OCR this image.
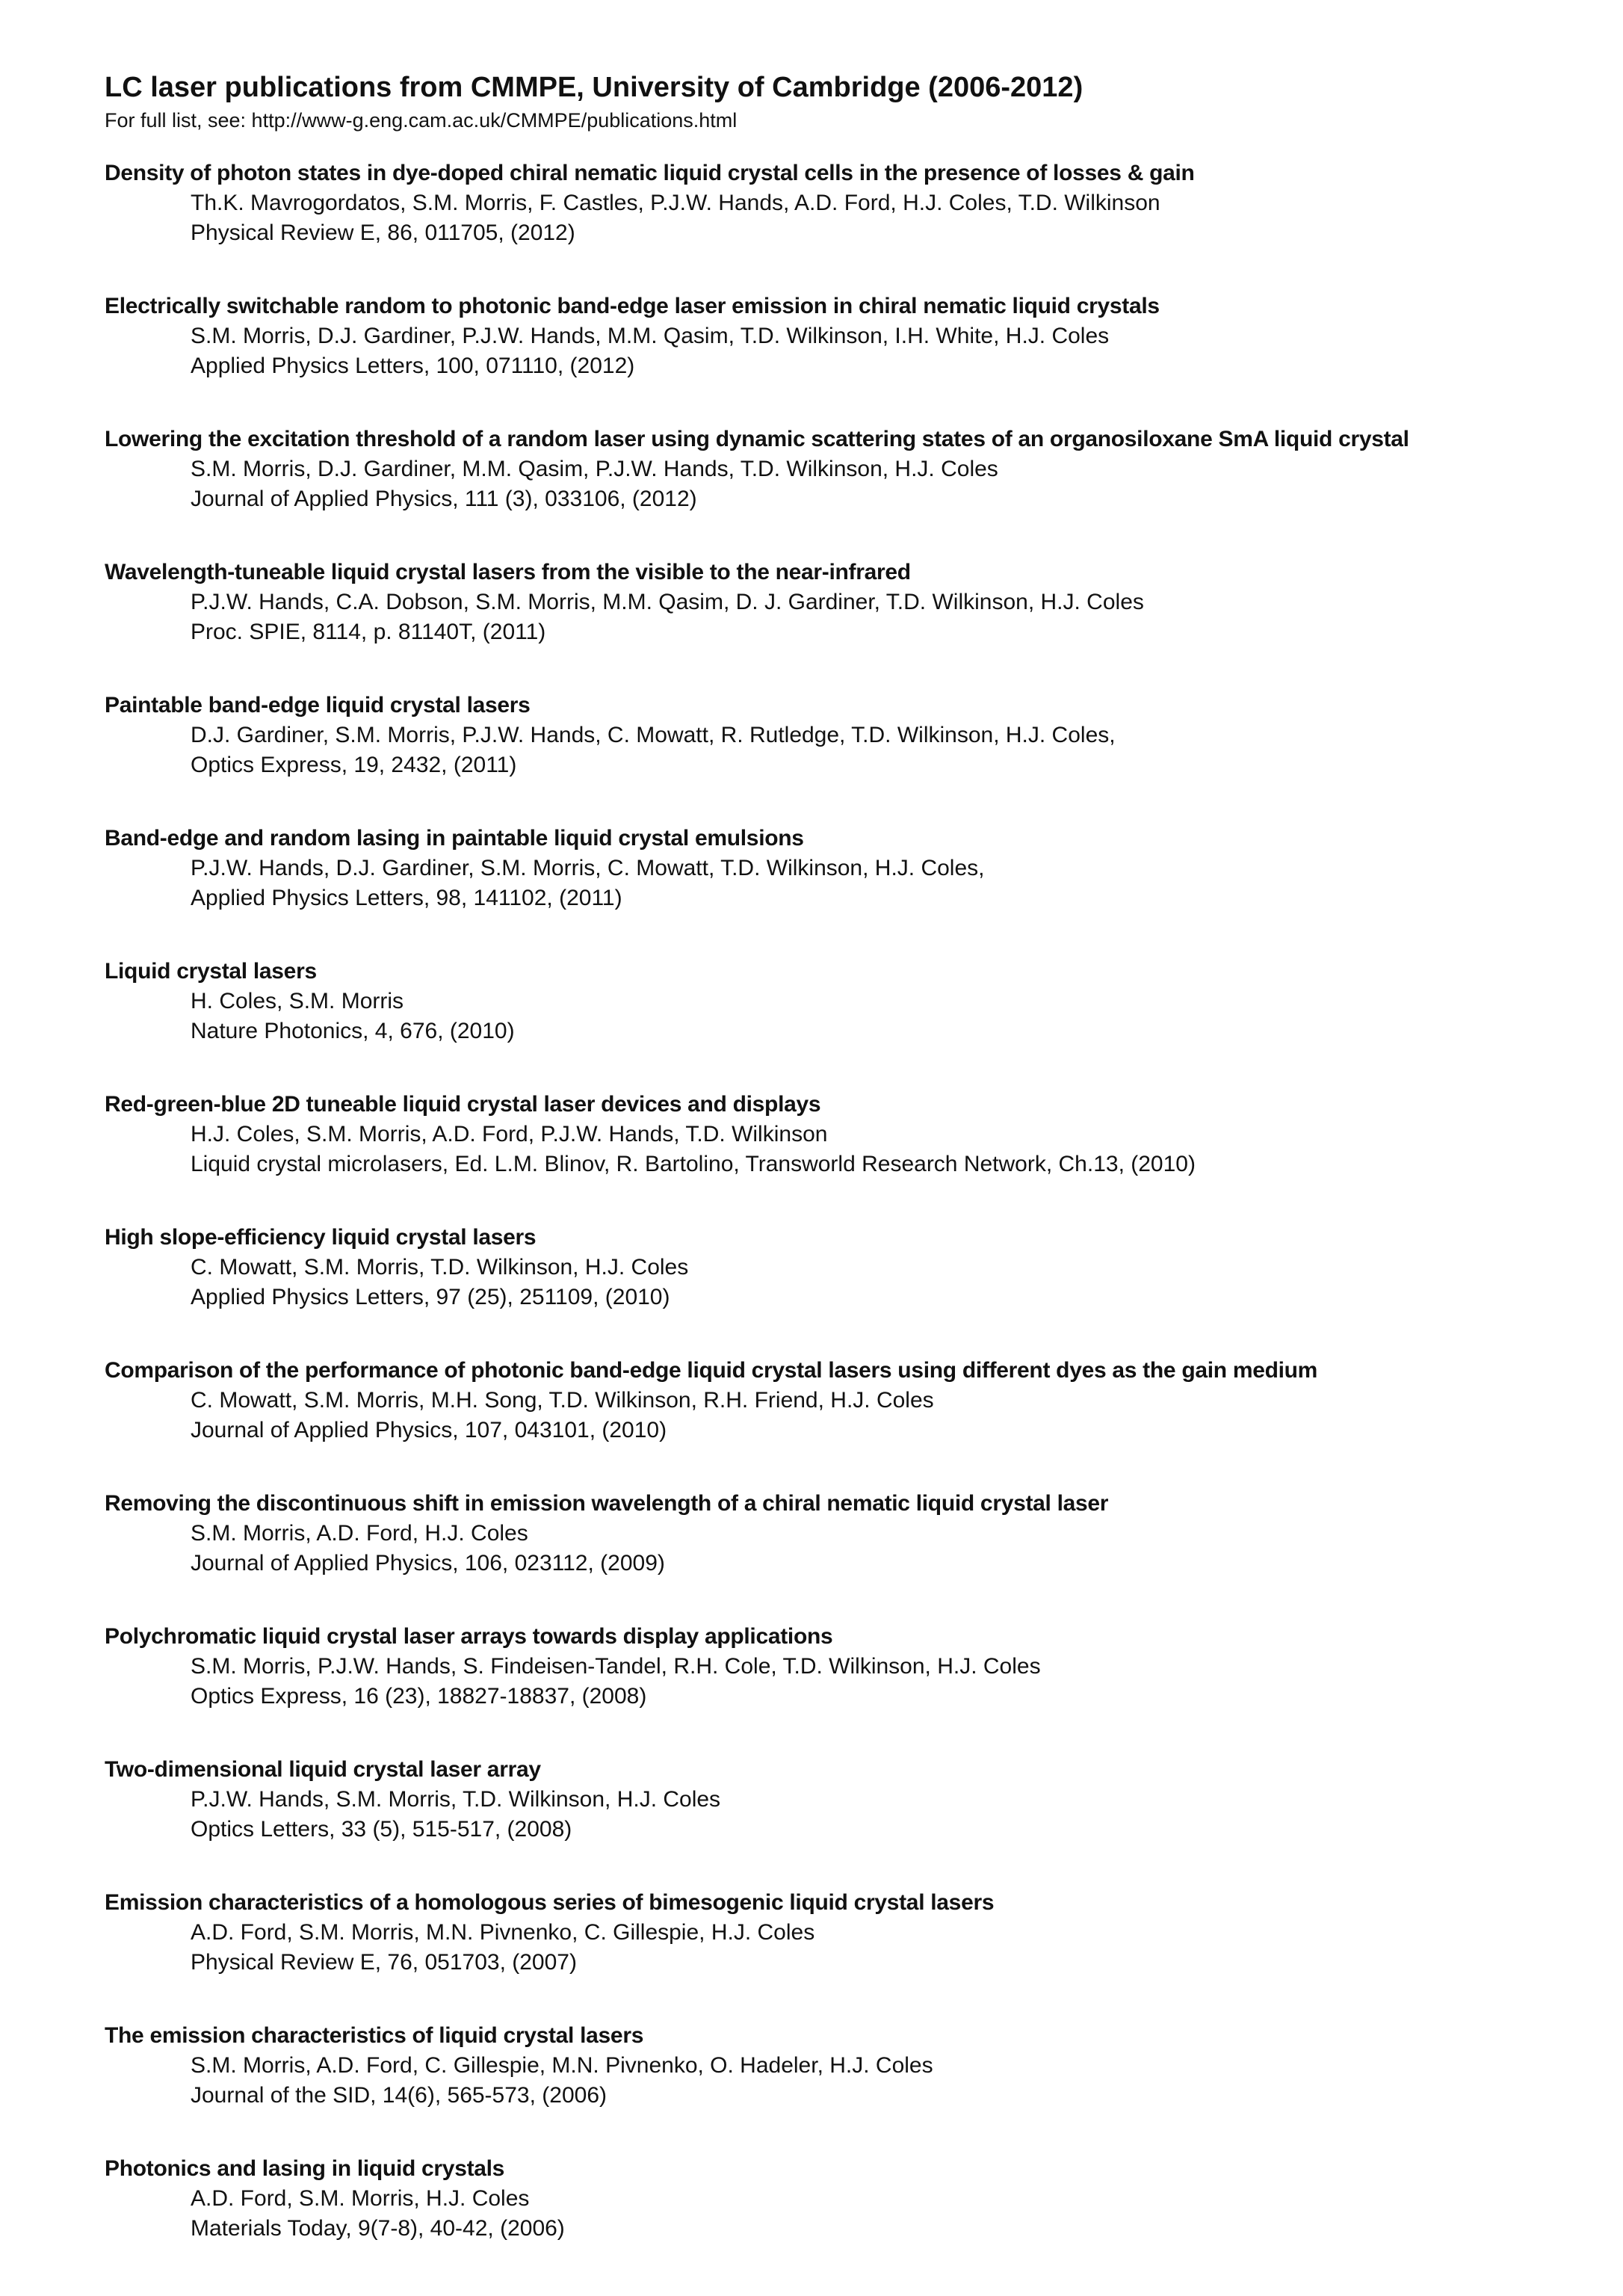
LC laser publications from CMMPE, University of Cambridge (2006-2012)

For full list, see: http://www-g.eng.cam.ac.uk/CMMPE/publications.html

Density of photon states in dye-doped chiral nematic liquid crystal cells in the presence of losses & gain
Th.K. Mavrogordatos, S.M. Morris, F. Castles, P.J.W. Hands, A.D. Ford, H.J. Coles, T.D. Wilkinson
Physical Review E, 86, 011705, (2012)
Electrically switchable random to photonic band-edge laser emission in chiral nematic liquid crystals
S.M. Morris, D.J. Gardiner, P.J.W. Hands, M.M. Qasim, T.D. Wilkinson, I.H. White, H.J. Coles
Applied Physics Letters, 100, 071110, (2012)
Lowering the excitation threshold of a random laser using dynamic scattering states of an organosiloxane SmA liquid crystal
S.M. Morris, D.J. Gardiner, M.M. Qasim, P.J.W. Hands, T.D. Wilkinson, H.J. Coles
Journal of Applied Physics, 111 (3), 033106, (2012)
Wavelength-tuneable liquid crystal lasers from the visible to the near-infrared
P.J.W. Hands, C.A. Dobson, S.M. Morris, M.M. Qasim, D. J. Gardiner, T.D. Wilkinson, H.J. Coles
Proc. SPIE, 8114, p. 81140T, (2011)
Paintable band-edge liquid crystal lasers
D.J. Gardiner, S.M. Morris, P.J.W. Hands, C. Mowatt, R. Rutledge, T.D. Wilkinson, H.J. Coles,
Optics Express, 19, 2432, (2011)
Band-edge and random lasing in paintable liquid crystal emulsions
P.J.W. Hands, D.J. Gardiner, S.M. Morris, C. Mowatt, T.D. Wilkinson, H.J. Coles,
Applied Physics Letters, 98, 141102, (2011)
Liquid crystal lasers
H. Coles, S.M. Morris
Nature Photonics, 4, 676, (2010)
Red-green-blue 2D tuneable liquid crystal laser devices and displays
H.J. Coles, S.M. Morris, A.D. Ford, P.J.W. Hands, T.D. Wilkinson
Liquid crystal microlasers, Ed. L.M. Blinov, R. Bartolino, Transworld Research Network, Ch.13, (2010)
High slope-efficiency liquid crystal lasers
C. Mowatt, S.M. Morris, T.D. Wilkinson, H.J. Coles
Applied Physics Letters, 97 (25), 251109, (2010)
Comparison of the performance of photonic band-edge liquid crystal lasers using different dyes as the gain medium
C. Mowatt, S.M. Morris, M.H. Song, T.D. Wilkinson, R.H. Friend, H.J. Coles
Journal of Applied Physics, 107, 043101, (2010)
Removing the discontinuous shift in emission wavelength of a chiral nematic liquid crystal laser
S.M. Morris, A.D. Ford, H.J. Coles
Journal of Applied Physics, 106, 023112, (2009)
Polychromatic liquid crystal laser arrays towards display applications
S.M. Morris, P.J.W. Hands, S. Findeisen-Tandel, R.H. Cole, T.D. Wilkinson, H.J. Coles
Optics Express, 16 (23), 18827-18837, (2008)
Two-dimensional liquid crystal laser array
P.J.W. Hands, S.M. Morris, T.D. Wilkinson, H.J. Coles
Optics Letters, 33 (5), 515-517, (2008)
Emission characteristics of a homologous series of bimesogenic liquid crystal lasers
A.D. Ford, S.M. Morris, M.N. Pivnenko, C. Gillespie, H.J. Coles
Physical Review E, 76, 051703, (2007)
The emission characteristics of liquid crystal lasers
S.M. Morris, A.D. Ford, C. Gillespie, M.N. Pivnenko, O. Hadeler, H.J. Coles
Journal of the SID, 14(6), 565-573, (2006)
Photonics and lasing in liquid crystals
A.D. Ford, S.M. Morris, H.J. Coles
Materials Today, 9(7-8), 40-42, (2006)
